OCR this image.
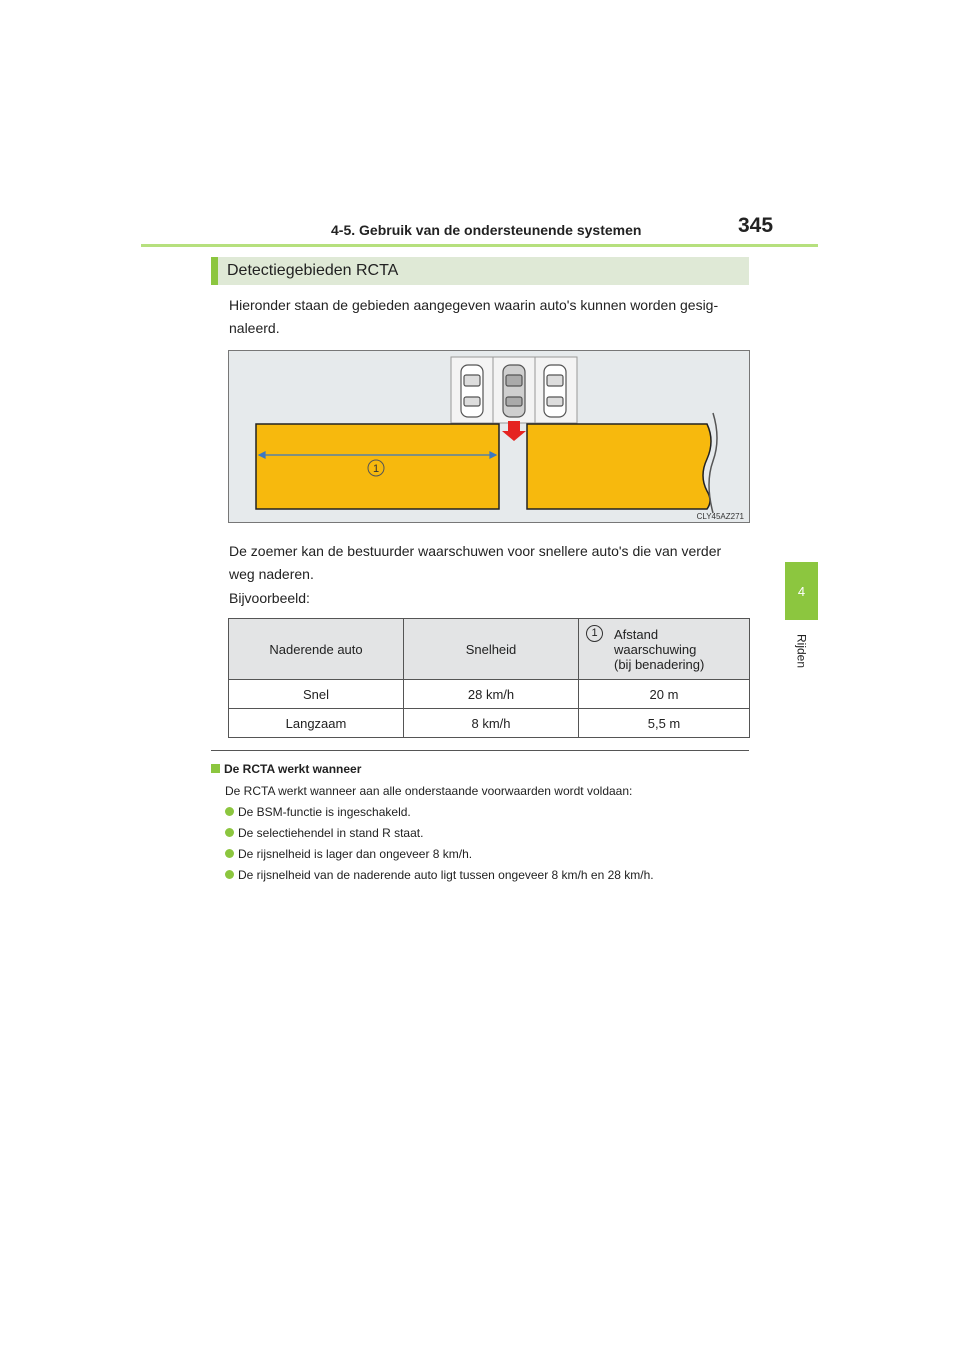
4-5. Gebruik van de ondersteunende systemen	345
4
Rijden
Detectiegebieden RCTA
Hieronder staan de gebieden aangegeven waarin auto's kunnen worden gesig-naleerd.
1
CLY45AZ271
De zoemer kan de bestuurder waarschuwen voor snellere auto's die van verder weg naderen.
Bijvoorbeeld:
Naderende auto	Snelheid	1 Afstand waarschuwing (bij benadering)
Snel	28 km/h	20 m
Langzaam	8 km/h	5,5 m
De RCTA werkt wanneer
De RCTA werkt wanneer aan alle onderstaande voorwaarden wordt voldaan:
De BSM-functie is ingeschakeld.
De selectiehendel in stand R staat.
De rijsnelheid is lager dan ongeveer 8 km/h.
De rijsnelheid van de naderende auto ligt tussen ongeveer 8 km/h en 28 km/h.
